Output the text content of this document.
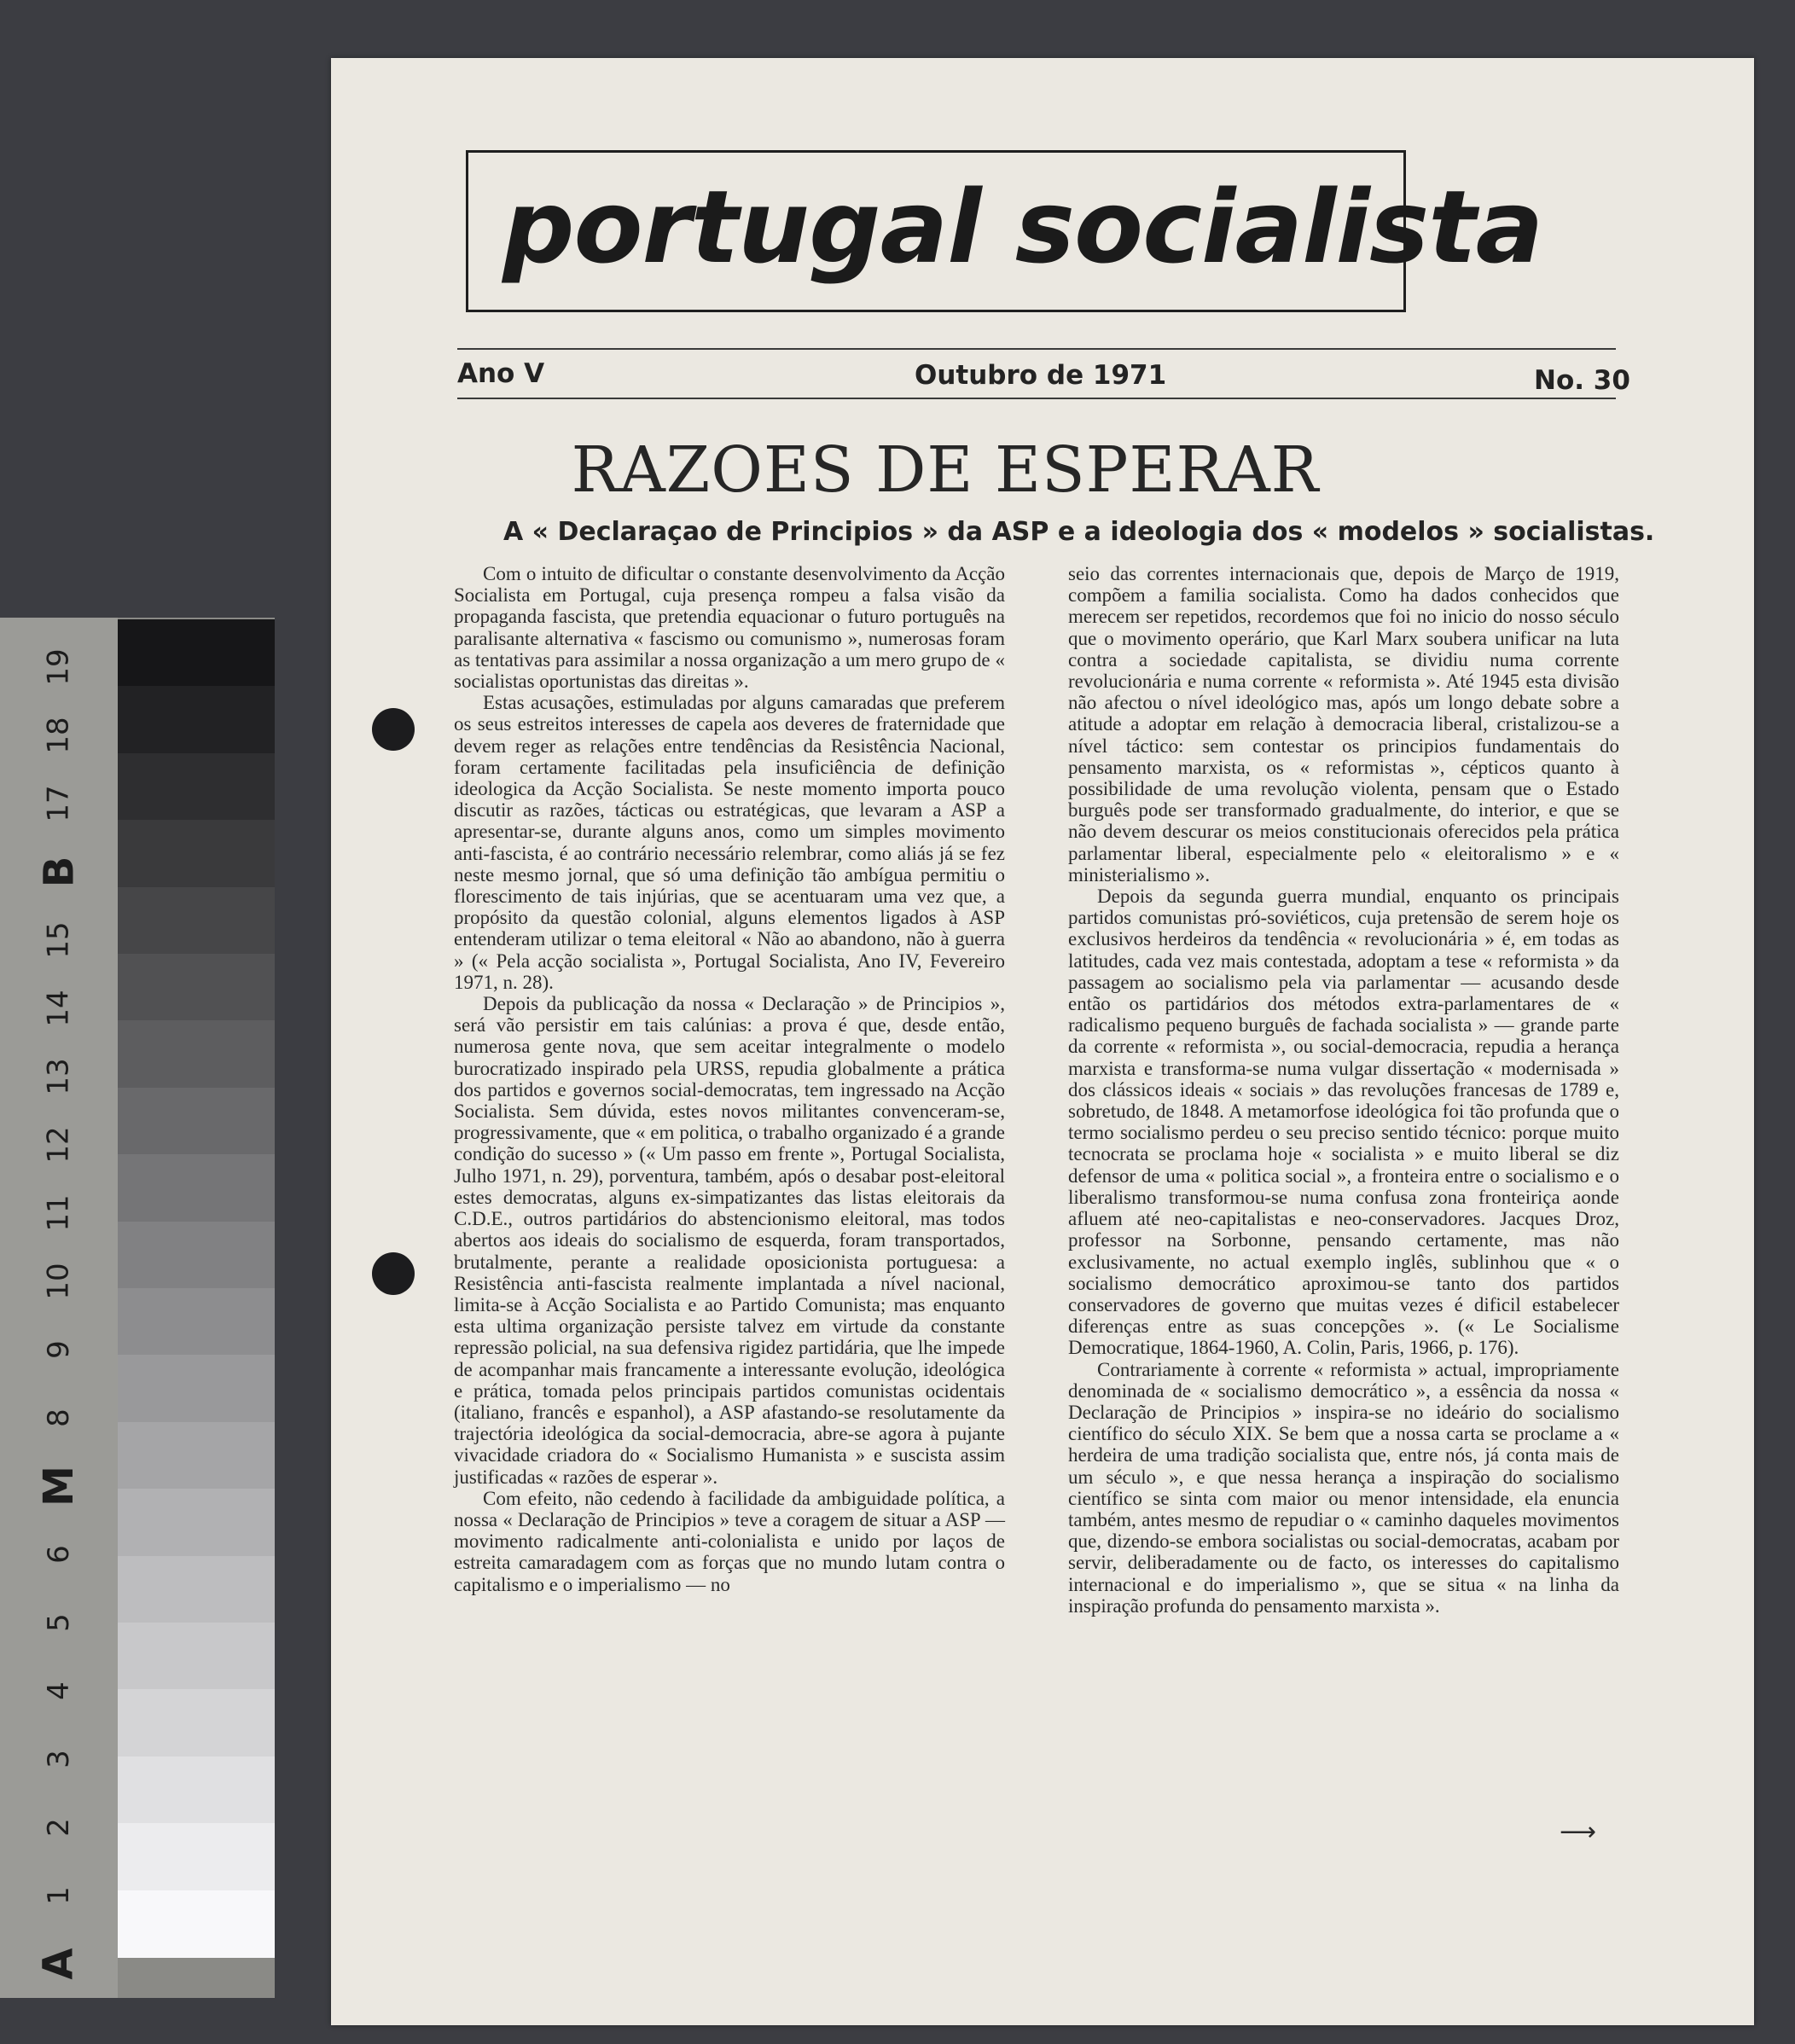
A
1
2
3
4
5
6
M
8
9
10
11
12
13
14
15
B
17
18
19
portugal socialista
Ano V	Outubro de 1971	No. 30
RAZOES DE ESPERAR
A « Declaraçao de Principios » da ASP e a ideologia dos « modelos » socialistas.

Com o intuito de dificultar o constante desenvolvimento da Acção Socialista em Portugal, cuja presença rompeu a falsa visão da propaganda fascista, que pretendia equacionar o futuro português na paralisante alternativa « fascismo ou comunismo », numerosas foram as tentativas para assimilar a nossa organização a um mero grupo de « socialistas oportunistas das direitas ».

Estas acusações, estimuladas por alguns camaradas que preferem os seus estreitos interesses de capela aos deveres de fraternidade que devem reger as relações entre tendências da Resistência Nacional, foram certamente facilitadas pela insuficiência de definição ideologica da Acção Socialista. Se neste momento importa pouco discutir as razões, tácticas ou estratégicas, que levaram a ASP a apresentar-se, durante alguns anos, como um simples movimento anti-fascista, é ao contrário necessário relembrar, como aliás já se fez neste mesmo jornal, que só uma definição tão ambígua permitiu o florescimento de tais injúrias, que se acentuaram uma vez que, a propósito da questão colonial, alguns elementos ligados à ASP entenderam utilizar o tema eleitoral « Não ao abandono, não à guerra » (« Pela acção socialista », Portugal Socialista, Ano IV, Fevereiro 1971, n. 28).

Depois da publicação da nossa « Declaração » de Principios », será vão persistir em tais calúnias: a prova é que, desde então, numerosa gente nova, que sem aceitar integralmente o modelo burocratizado inspirado pela URSS, repudia globalmente a prática dos partidos e governos social-democratas, tem ingressado na Acção Socialista. Sem dúvida, estes novos militantes convenceram-se, progressivamente, que « em politica, o trabalho organizado é a grande condição do sucesso » (« Um passo em frente », Portugal Socialista, Julho 1971, n. 29), porventura, também, após o desabar post-eleitoral estes democratas, alguns ex-simpatizantes das listas eleitorais da C.D.E., outros partidários do abstencionismo eleitoral, mas todos abertos aos ideais do socialismo de esquerda, foram transportados, brutalmente, perante a realidade oposicionista portuguesa: a Resistência anti-fascista realmente implantada a nível nacional, limita-se à Acção Socialista e ao Partido Comunista; mas enquanto esta ultima organização persiste talvez em virtude da constante repressão policial, na sua defensiva rigidez partidária, que lhe impede de acompanhar mais francamente a interessante evolução, ideológica e prática, tomada pelos principais partidos comunistas ocidentais (italiano, francês e espanhol), a ASP afastando-se resolutamente da trajectória ideológica da social-democracia, abre-se agora à pujante vivacidade criadora do « Socialismo Humanista » e suscista assim justificadas « razões de esperar ».

Com efeito, não cedendo à facilidade da ambiguidade política, a nossa « Declaração de Principios » teve a coragem de situar a ASP — movimento radicalmente anti-colonialista e unido por laços de estreita camaradagem com as forças que no mundo lutam contra o capitalismo e o imperialismo — no

seio das correntes internacionais que, depois de Março de 1919, compõem a familia socialista. Como ha dados conhecidos que merecem ser repetidos, recordemos que foi no inicio do nosso século que o movimento operário, que Karl Marx soubera unificar na luta contra a sociedade capitalista, se dividiu numa corrente revolucionária e numa corrente « reformista ». Até 1945 esta divisão não afectou o nível ideológico mas, após um longo debate sobre a atitude a adoptar em relação à democracia liberal, cristalizou-se a nível táctico: sem contestar os principios fundamentais do pensamento marxista, os « reformistas », cépticos quanto à possibilidade de uma revolução violenta, pensam que o Estado burguês pode ser transformado gradualmente, do interior, e que se não devem descurar os meios constitucionais oferecidos pela prática parlamentar liberal, especialmente pelo « eleitoralismo » e « ministerialismo ».

Depois da segunda guerra mundial, enquanto os principais partidos comunistas pró-soviéticos, cuja pretensão de serem hoje os exclusivos herdeiros da tendência « revolucionária » é, em todas as latitudes, cada vez mais contestada, adoptam a tese « reformista » da passagem ao socialismo pela via parlamentar — acusando desde então os partidários dos métodos extra-parlamentares de « radicalismo pequeno burguês de fachada socialista » — grande parte da corrente « reformista », ou social-democracia, repudia a herança marxista e transforma-se numa vulgar dissertação « modernisada » dos clássicos ideais « sociais » das revoluções francesas de 1789 e, sobretudo, de 1848. A metamorfose ideológica foi tão profunda que o termo socialismo perdeu o seu preciso sentido técnico: porque muito tecnocrata se proclama hoje « socialista » e muito liberal se diz defensor de uma « politica social », a fronteira entre o socialismo e o liberalismo transformou-se numa confusa zona fronteiriça aonde afluem até neo-capitalistas e neo-conservadores. Jacques Droz, professor na Sorbonne, pensando certamente, mas não exclusivamente, no actual exemplo inglês, sublinhou que « o socialismo democrático aproximou-se tanto dos partidos conservadores de governo que muitas vezes é dificil estabelecer diferenças entre as suas concepções ». (« Le Socialisme Democratique, 1864-1960, A. Colin, Paris, 1966, p. 176).

Contrariamente à corrente « reformista » actual, impropriamente denominada de « socialismo democrático », a essência da nossa « Declaração de Principios » inspira-se no ideário do socialismo científico do século XIX. Se bem que a nossa carta se proclame a « herdeira de uma tradição socialista que, entre nós, já conta mais de um século », e que nessa herança a inspiração do socialismo científico se sinta com maior ou menor intensidade, ela enuncia também, antes mesmo de repudiar o « caminho daqueles movimentos que, dizendo-se embora socialistas ou social-democratas, acabam por servir, deliberadamente ou de facto, os interesses do capitalismo internacional e do imperialismo », que se situa « na linha da inspiração profunda do pensamento marxista ».

⟶
